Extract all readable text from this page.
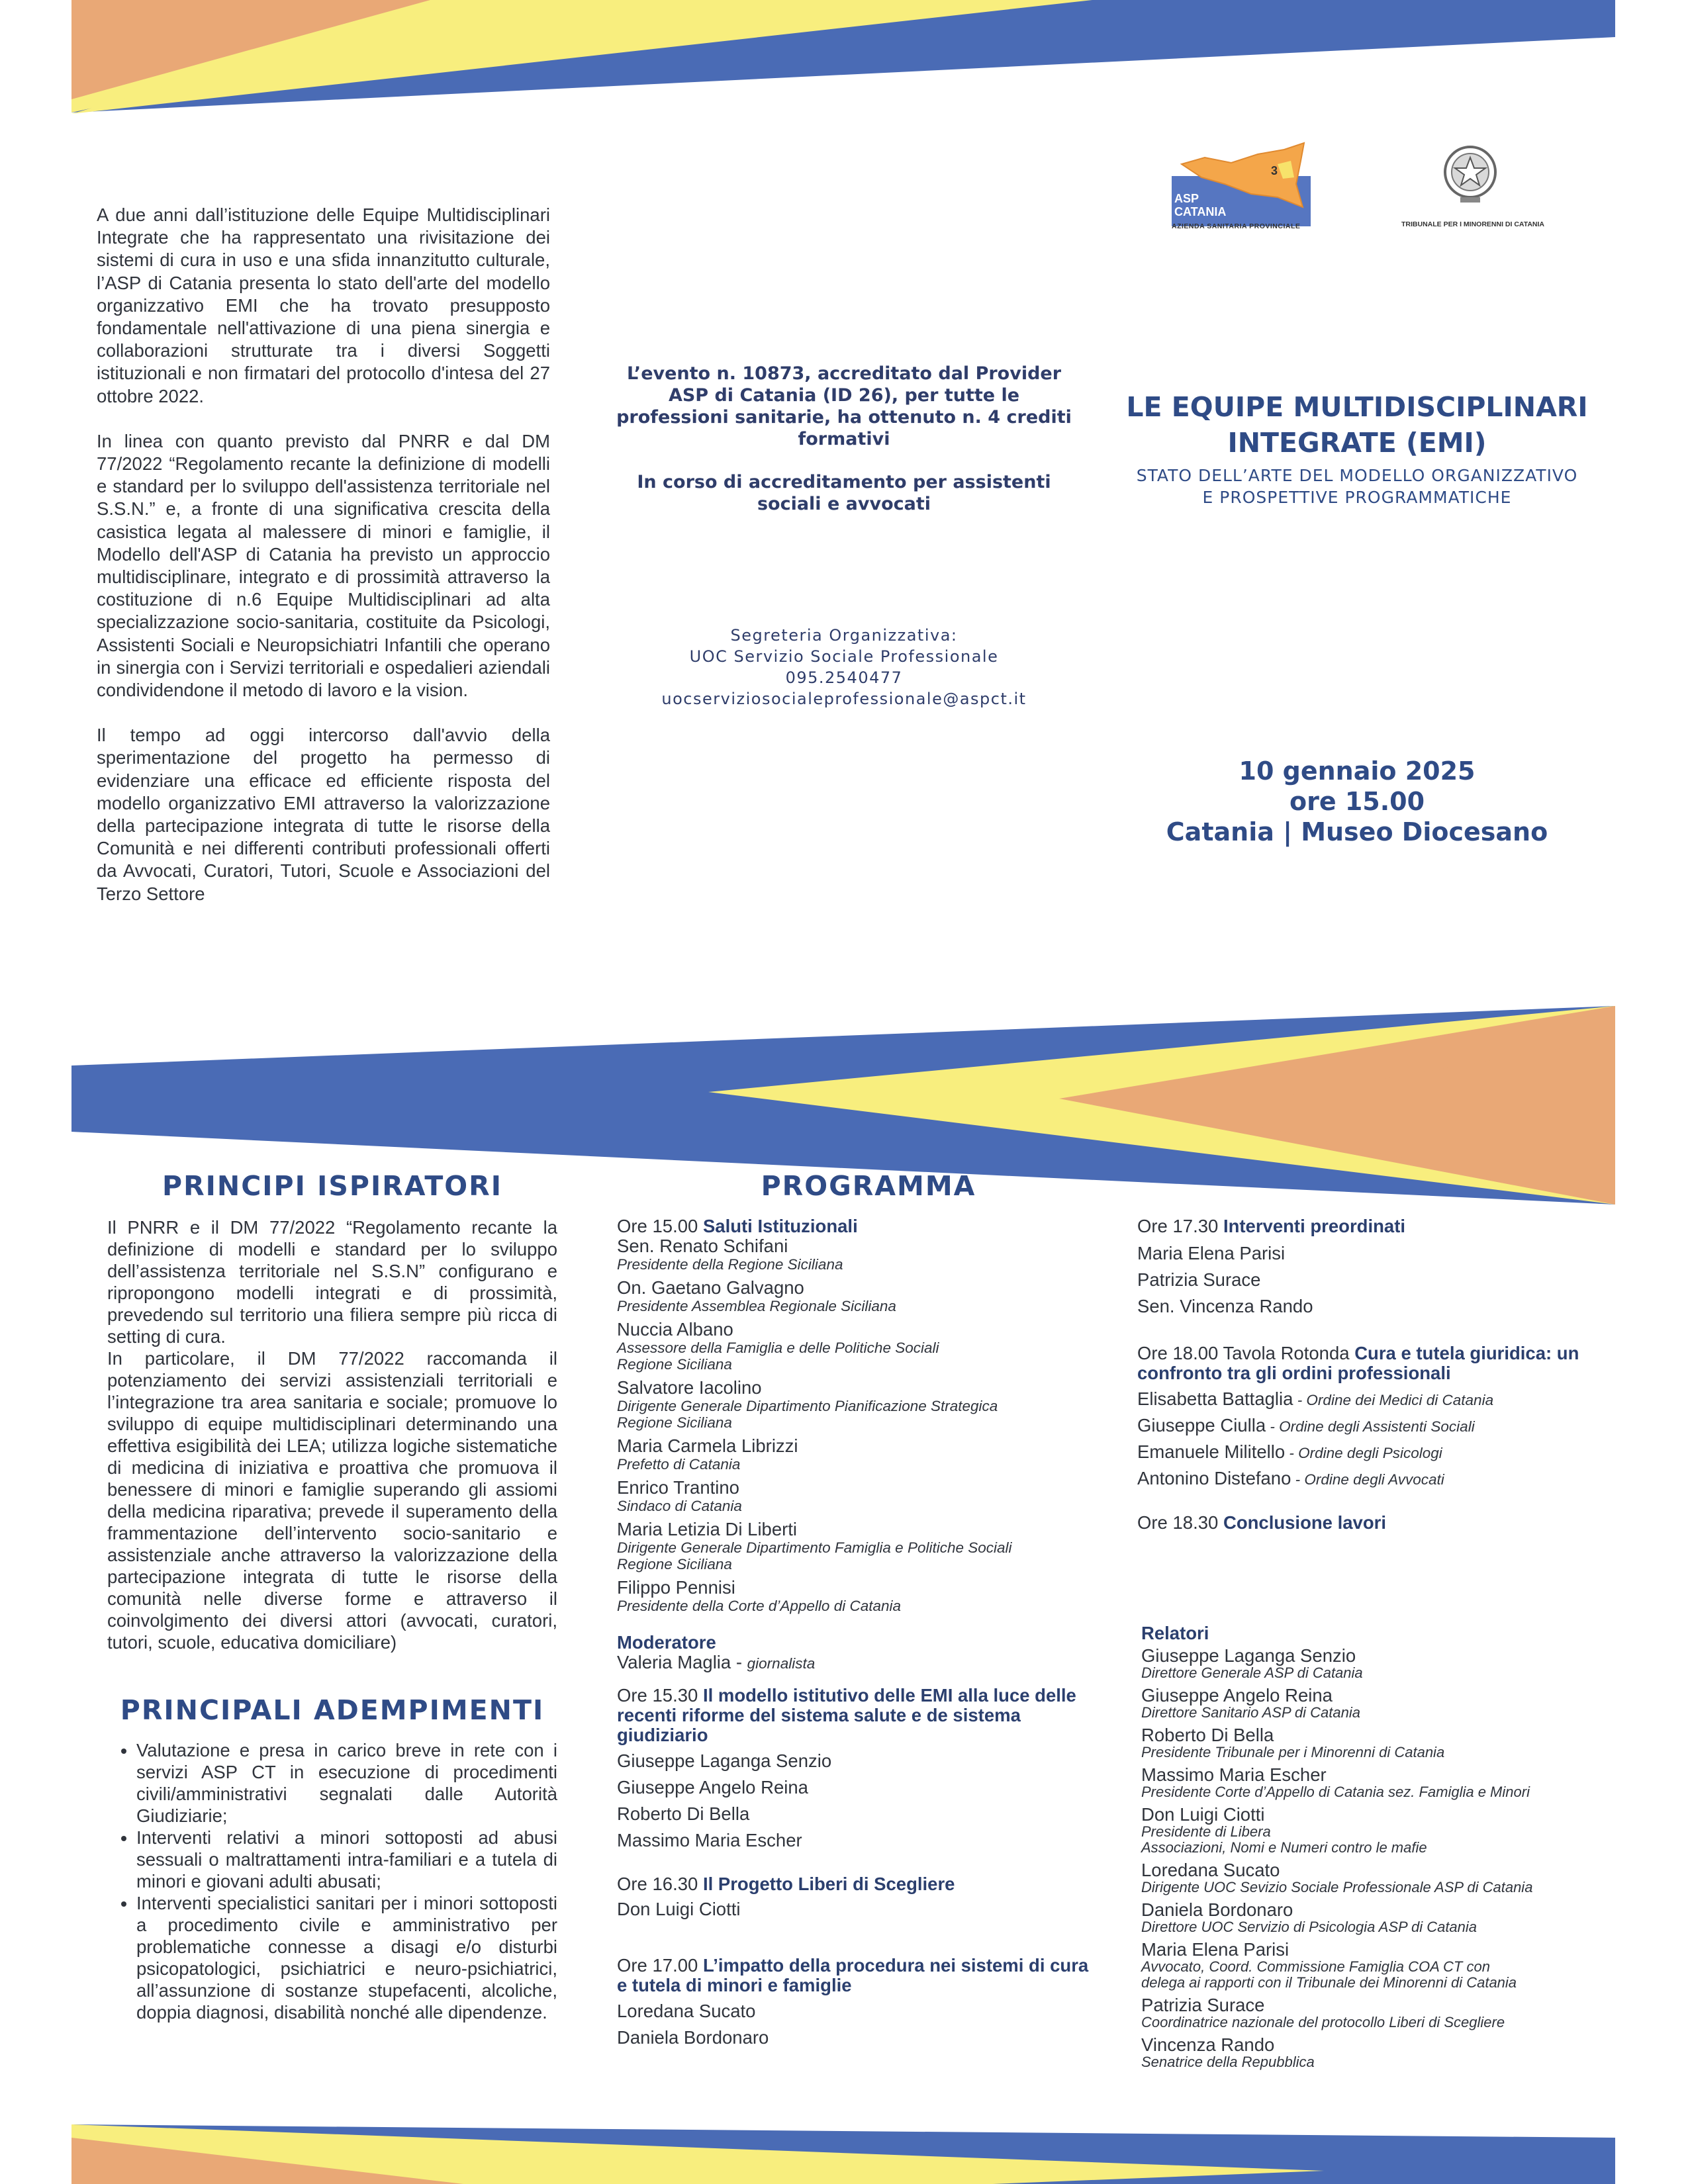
A due anni dall’istituzione delle Equipe Multidisciplinari Integrate che ha rappresentato una rivisitazione dei sistemi di cura in uso e una sfida innanzitutto culturale, l’ASP di Catania presenta lo stato dell'arte del modello organizzativo EMI che ha trovato presupposto fondamentale nell'attivazione di una piena sinergia e collaborazioni strutturate tra i diversi Soggetti istituzionali e non firmatari del protocollo d'intesa del 27 ottobre 2022.

In linea con quanto previsto dal PNRR e dal DM 77/2022 “Regolamento recante la definizione di modelli e standard per lo sviluppo dell'assistenza territoriale nel S.S.N.” e, a fronte di una significativa crescita della casistica legata al malessere di minori e famiglie, il Modello dell'ASP di Catania ha previsto un approccio multidisciplinare, integrato e di prossimità attraverso la costituzione di n.6 Equipe Multidisciplinari ad alta specializzazione socio-sanitaria, costituite da Psicologi, Assistenti Sociali e Neuropsichiatri Infantili che operano in sinergia con i Servizi territoriali e ospedalieri aziendali condividendone il metodo di lavoro e la vision.

Il tempo ad oggi intercorso dall'avvio della sperimentazione del progetto ha permesso di evidenziare una efficace ed efficiente risposta del modello organizzativo EMI attraverso la valorizzazione della partecipazione integrata di tutte le risorse della Comunità e nei differenti contributi professionali offerti da Avvocati, Curatori, Tutori, Scuole e Associazioni del Terzo Settore

L’evento n. 10873, accreditato dal Provider ASP di Catania (ID 26), per tutte le professioni sanitarie, ha ottenuto n. 4 crediti formativi

In corso di accreditamento per assistenti sociali e avvocati

Segreteria Organizzativa:
UOC Servizio Sociale Professionale
095.2540477
uocserviziosocialeprofessionale@aspct.it
ASP
CATANIA
3
AZIENDA SANITARIA PROVINCIALE	TRIBUNALE PER I MINORENNI DI CATANIA
LE EQUIPE MULTIDISCIPLINARI
INTEGRATE (EMI)
STATO DELL’ARTE DEL MODELLO ORGANIZZATIVO
E PROSPETTIVE PROGRAMMATICHE
10 gennaio 2025
ore 15.00
Catania | Museo Diocesano
PRINCIPI ISPIRATORI
Il PNRR e il DM 77/2022 “Regolamento recante la definizione di modelli e standard per lo sviluppo dell’assistenza territoriale nel S.S.N” configurano e ripropongono modelli integrati e di prossimità, prevedendo sul territorio una filiera sempre più ricca di setting di cura.
In particolare, il DM 77/2022 raccomanda il potenziamento dei servizi assistenziali territoriali e l’integrazione tra area sanitaria e sociale; promuove lo sviluppo di equipe multidisciplinari determinando una effettiva esigibilità dei LEA; utilizza logiche sistematiche di medicina di iniziativa e proattiva che promuova il benessere di minori e famiglie superando gli assiomi della medicina riparativa; prevede il superamento della frammentazione dell’intervento socio-sanitario e assistenziale anche attraverso la valorizzazione della partecipazione integrata di tutte le risorse della comunità nelle diverse forme e attraverso il coinvolgimento dei diversi attori (avvocati, curatori, tutori, scuole, educativa domiciliare)
PRINCIPALI ADEMPIMENTI
• Valutazione e presa in carico breve in rete con i servizi ASP CT in esecuzione di procedimenti civili/amministrativi segnalati dalle Autorità Giudiziarie;
• Interventi relativi a minori sottoposti ad abusi sessuali o maltrattamenti intra-familiari e a tutela di minori e giovani adulti abusati;
• Interventi specialistici sanitari per i minori sottoposti a procedimento civile e amministrativo per problematiche connesse a disagi e/o disturbi psicopatologici, psichiatrici e neuro-psichiatrici, all’assunzione di sostanze stupefacenti, alcoliche, doppia diagnosi, disabilità nonché alle dipendenze.
PROGRAMMA
Ore 15.00 Saluti Istituzionali
Sen. Renato Schifani
Presidente della Regione Siciliana
On. Gaetano Galvagno
Presidente Assemblea Regionale Siciliana
Nuccia Albano
Assessore della Famiglia e delle Politiche Sociali
Regione Siciliana
Salvatore Iacolino
Dirigente Generale Dipartimento Pianificazione Strategica
Regione Siciliana
Maria Carmela Librizzi
Prefetto di Catania
Enrico Trantino
Sindaco di Catania
Maria Letizia Di Liberti
Dirigente Generale Dipartimento Famiglia e Politiche Sociali
Regione Siciliana
Filippo Pennisi
Presidente della Corte d’Appello di Catania
Moderatore
Valeria Maglia - giornalista
Ore 15.30 Il modello istitutivo delle EMI alla luce delle recenti riforme del sistema salute e de sistema giudiziario
Giuseppe Laganga Senzio
Giuseppe Angelo Reina
Roberto Di Bella
Massimo Maria Escher
Ore 16.30 Il Progetto Liberi di Scegliere
Don Luigi Ciotti
Ore 17.00 L’impatto della procedura nei sistemi di cura e tutela di minori e famiglie
Loredana Sucato
Daniela Bordonaro
Ore 17.30 Interventi preordinati
Maria Elena Parisi
Patrizia Surace
Sen. Vincenza Rando
Ore 18.00 Tavola Rotonda Cura e tutela giuridica: un confronto tra gli ordini professionali
Elisabetta Battaglia - Ordine dei Medici di Catania
Giuseppe Ciulla - Ordine degli Assistenti Sociali
Emanuele Militello - Ordine degli Psicologi
Antonino Distefano - Ordine degli Avvocati
Ore 18.30 Conclusione lavori
Relatori
Giuseppe Laganga Senzio
Direttore Generale ASP di Catania
Giuseppe Angelo Reina
Direttore Sanitario ASP di Catania
Roberto Di Bella
Presidente Tribunale per i Minorenni di Catania
Massimo Maria Escher
Presidente Corte d’Appello di Catania sez. Famiglia e Minori
Don Luigi Ciotti
Presidente di Libera
Associazioni, Nomi e Numeri contro le mafie
Loredana Sucato
Dirigente UOC Sevizio Sociale Professionale ASP di Catania
Daniela Bordonaro
Direttore UOC Servizio di Psicologia ASP di Catania
Maria Elena Parisi
Avvocato, Coord. Commissione Famiglia COA CT con
delega ai rapporti con il Tribunale dei Minorenni di Catania
Patrizia Surace
Coordinatrice nazionale del protocollo Liberi di Scegliere
Vincenza Rando
Senatrice della Repubblica
